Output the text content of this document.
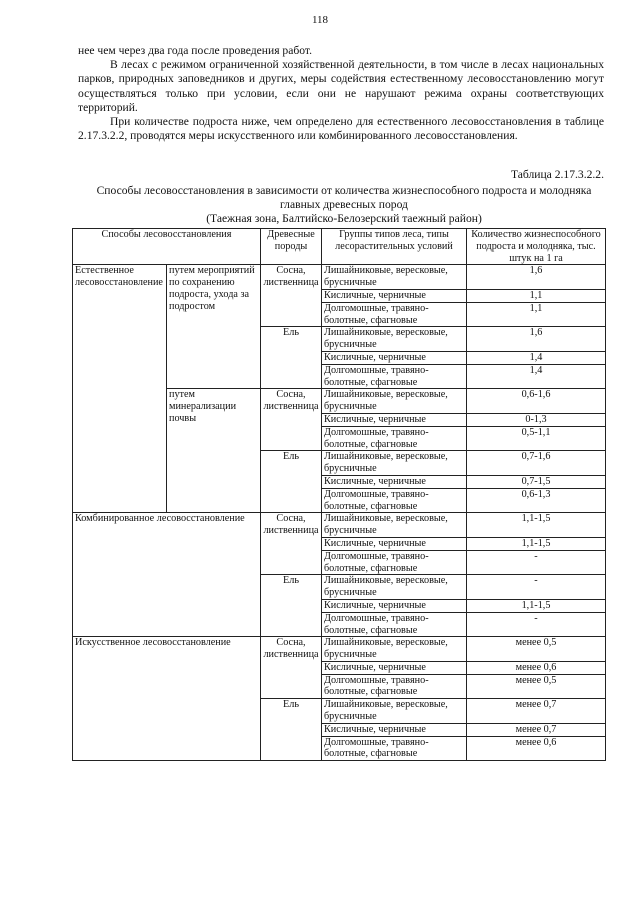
118

нее чем через два года после проведения работ.

В лесах с режимом ограниченной хозяйственной деятельности, в том числе в лесах национальных парков, природных заповедников и других, меры содействия естественному лесовосстановлению могут осуществляться только при условии, если они не нарушают режима охраны соответствующих территорий.

При количестве подроста ниже, чем определено для естественного лесовосстановления в таблице 2.17.3.2.2, проводятся меры искусственного или комбинированного лесовосстановления.

Таблица 2.17.3.2.2.
Способы лесовосстановления в зависимости от количества жизнеспособного подроста и молодняка главных древесных пород
(Таежная зона, Балтийско-Белозерский таежный район)
Способы лесовосстановления		Древесные породы	Группы типов леса, типы лесорастительных условий	Количество жизнеспособного подроста и молодняка, тыс. штук на 1 га
Естественное лесовосстановление	путем мероприятий по сохранению подроста, ухода за подростом	Сосна, лиственница	Лишайниковые, вересковые, брусничные	1,6
			Кисличные, черничные	1,1
			Долгомошные, травяно-болотные, сфагновые	1,1
		Ель	Лишайниковые, вересковые, брусничные	1,6
			Кисличные, черничные	1,4
			Долгомошные, травяно-болотные, сфагновые	1,4
	путем минерализации почвы	Сосна, лиственница	Лишайниковые, вересковые, брусничные	0,6-1,6
			Кисличные, черничные	0-1,3
			Долгомошные, травяно-болотные, сфагновые	0,5-1,1
		Ель	Лишайниковые, вересковые, брусничные	0,7-1,6
			Кисличные, черничные	0,7-1,5
			Долгомошные, травяно-болотные, сфагновые	0,6-1,3
Комбинированное лесовосстановление		Сосна, лиственница	Лишайниковые, вересковые, брусничные	1,1-1,5
			Кисличные, черничные	1,1-1,5
			Долгомошные, травяно-болотные, сфагновые	-
		Ель	Лишайниковые, вересковые, брусничные	-
			Кисличные, черничные	1,1-1,5
			Долгомошные, травяно-болотные, сфагновые	-
Искусственное лесовосстановление		Сосна, лиственница	Лишайниковые, вересковые, брусничные	менее 0,5
			Кисличные, черничные	менее 0,6
			Долгомошные, травяно-болотные, сфагновые	менее 0,5
		Ель	Лишайниковые, вересковые, брусничные	менее 0,7
			Кисличные, черничные	менее 0,7
			Долгомошные, травяно-болотные, сфагновые	менее 0,6
